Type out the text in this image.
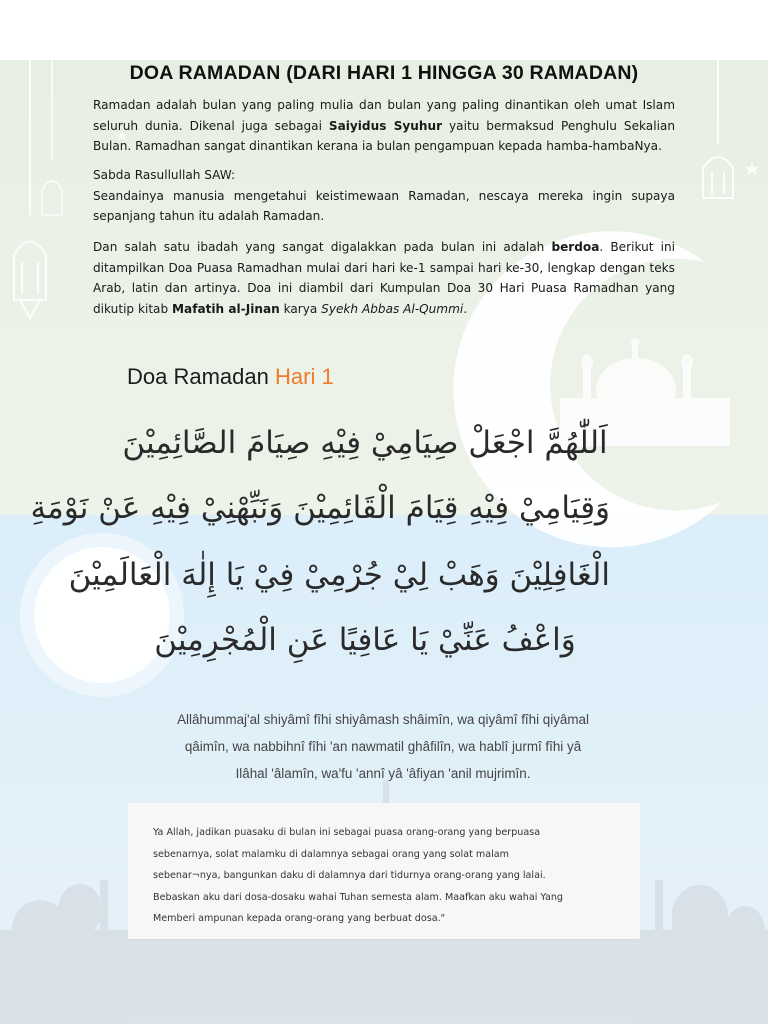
DOA RAMADAN (DARI HARI 1 HINGGA 30 RAMADAN)
Ramadan adalah bulan yang paling mulia dan bulan yang paling dinantikan oleh umat Islam seluruh dunia. Dikenal juga sebagai Saiyidus Syuhur yaitu bermaksud Penghulu Sekalian Bulan. Ramadhan sangat dinantikan kerana ia bulan pengampuan kepada hamba-hambaNya.
Sabda Rasullullah SAW:
Seandainya manusia mengetahui keistimewaan Ramadan, nescaya mereka ingin supaya sepanjang tahun itu adalah Ramadan.
Dan salah satu ibadah yang sangat digalakkan pada bulan ini adalah berdoa. Berikut ini ditampilkan Doa Puasa Ramadhan mulai dari hari ke-1 sampai hari ke-30, lengkap dengan teks Arab, latin dan artinya. Doa ini diambil dari Kumpulan Doa 30 Hari Puasa Ramadhan yang dikutip kitab Mafatih al-Jinan karya Syekh Abbas Al-Qummi.
Doa Ramadan Hari 1
اَللّٰهُمَّ اجْعَلْ صِيَامِيْ فِيْهِ صِيَامَ الصَّائِمِيْنَ
وَقِيَامِيْ فِيْهِ قِيَامَ الْقَائِمِيْنَ وَنَبِّهْنِيْ فِيْهِ عَنْ نَوْمَةِ
الْغَافِلِيْنَ وَهَبْ لِيْ جُرْمِيْ فِيْ يَا إِلٰهَ الْعَالَمِيْنَ
وَاعْفُ عَنِّيْ يَا عَافِيًا عَنِ الْمُجْرِمِيْنَ
Allâhummaj'al shiyâmî fîhi shiyâmash shâimîn, wa qiyâmî fîhi qiyâmal
qâimîn, wa nabbihnî fîhi 'an nawmatil ghâfilîn, wa hablî jurmî fîhi yâ
Ilâhal 'âlamîn, wa'fu 'annî yâ 'âfiyan 'anil mujrimîn.
Ya Allah, jadikan puasaku di bulan ini sebagai puasa orang-orang yang berpuasa
sebenarnya, solat malamku di dalamnya sebagai orang yang solat malam
sebenar¬nya, bangunkan daku di dalamnya dari tidurnya orang-orang yang lalai.
Bebaskan aku dari dosa-dosaku wahai Tuhan semesta alam. Maafkan aku wahai Yang
Memberi ampunan kepada orang-orang yang berbuat dosa."
